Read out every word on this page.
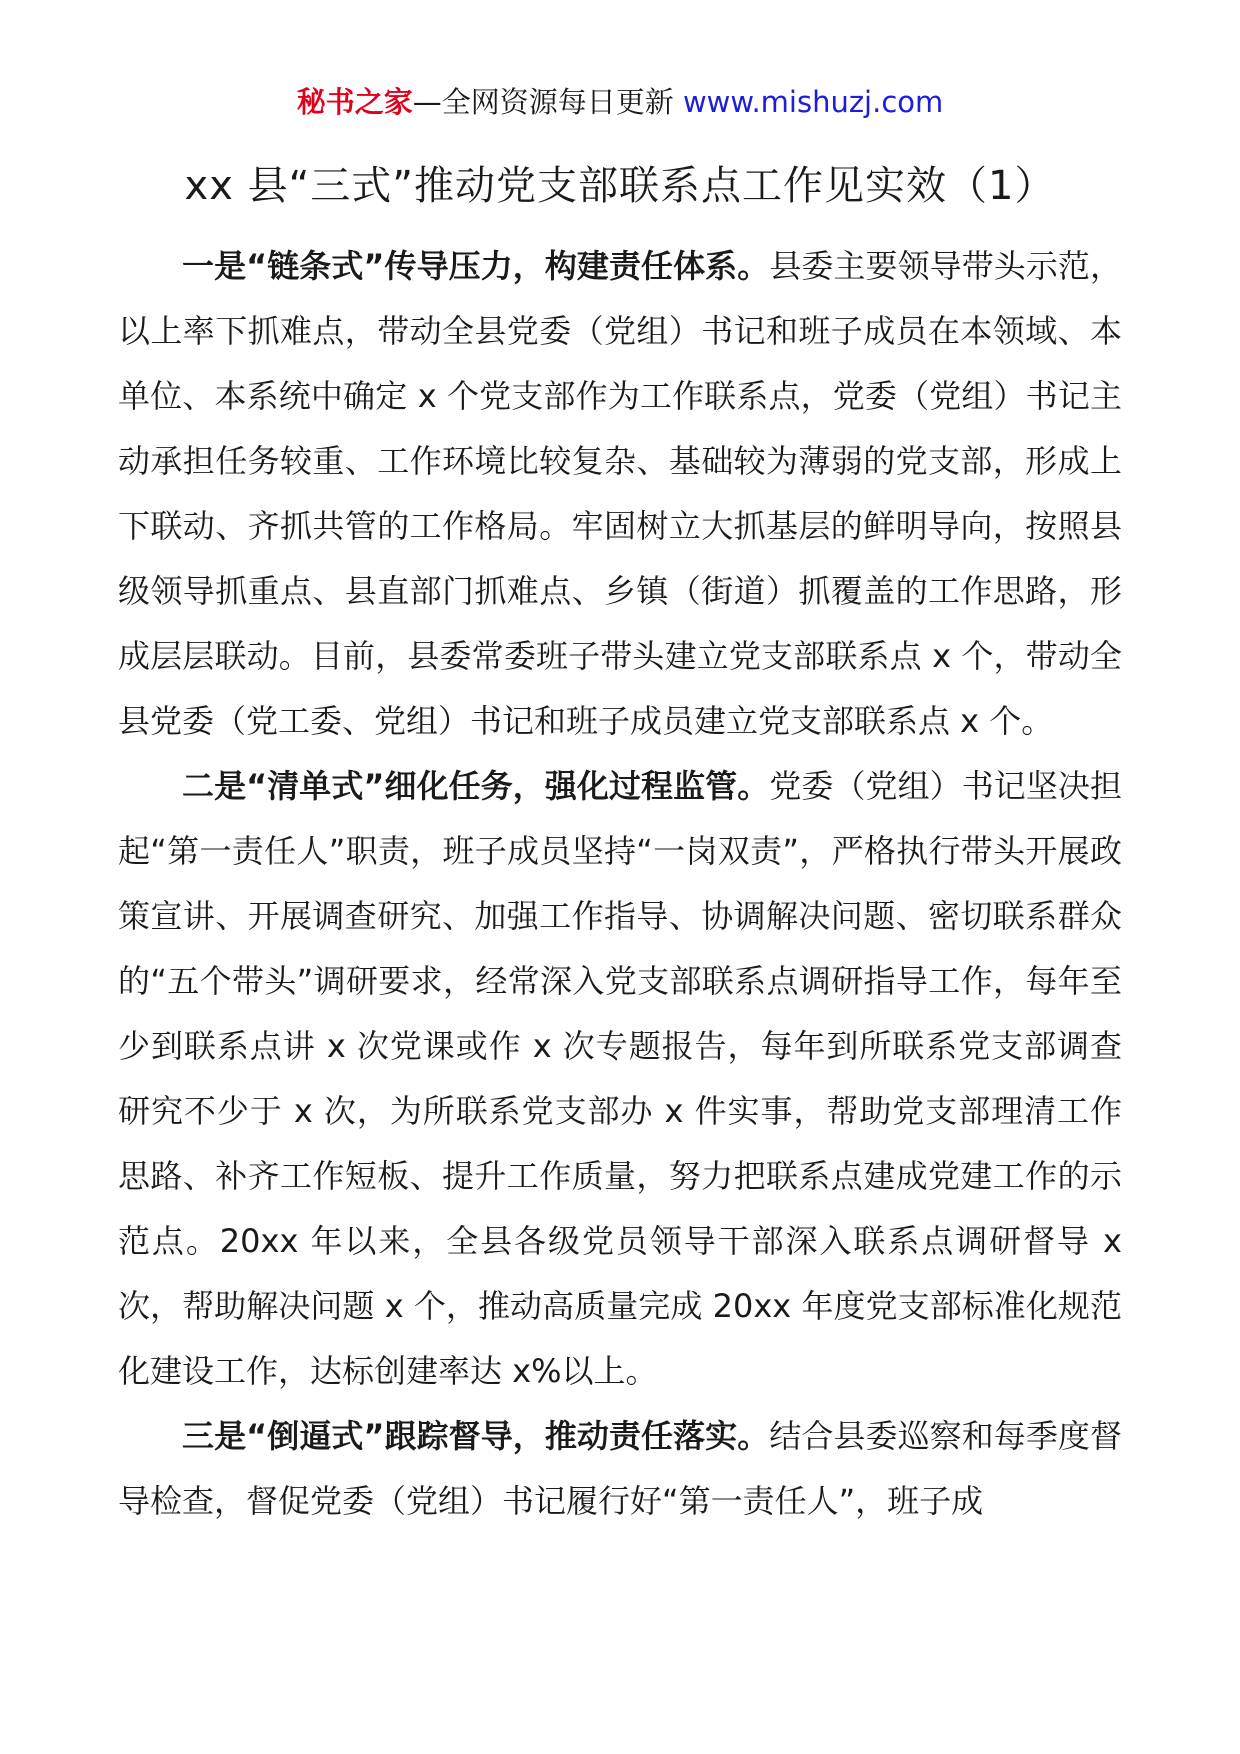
秘书之家—全网资源每日更新 www.mishuzj.com
xx 县“三式”推动党支部联系点工作见实效（1）

一是“链条式”传导压力，构建责任体系。县委主要领导带头示范，以上率下抓难点，带动全县党委（党组）书记和班子成员在本领域、本单位、本系统中确定 x 个党支部作为工作联系点，党委（党组）书记主动承担任务较重、工作环境比较复杂、基础较为薄弱的党支部，形成上下联动、齐抓共管的工作格局。牢固树立大抓基层的鲜明导向，按照县级领导抓重点、县直部门抓难点、乡镇（街道）抓覆盖的工作思路，形成层层联动。目前，县委常委班子带头建立党支部联系点 x 个，带动全县党委（党工委、党组）书记和班子成员建立党支部联系点 x 个。

二是“清单式”细化任务，强化过程监管。党委（党组）书记坚决担起“第一责任人”职责，班子成员坚持“一岗双责”，严格执行带头开展政策宣讲、开展调查研究、加强工作指导、协调解决问题、密切联系群众的“五个带头”调研要求，经常深入党支部联系点调研指导工作，每年至少到联系点讲 x 次党课或作 x 次专题报告，每年到所联系党支部调查研究不少于 x 次，为所联系党支部办 x 件实事，帮助党支部理清工作思路、补齐工作短板、提升工作质量，努力把联系点建成党建工作的示范点。20xx 年以来，全县各级党员领导干部深入联系点调研督导 x 次，帮助解决问题 x 个，推动高质量完成 20xx 年度党支部标准化规范化建设工作，达标创建率达 x%以上。

三是“倒逼式”跟踪督导，推动责任落实。结合县委巡察和每季度督导检查，督促党委（党组）书记履行好“第一责任人”，班子成
